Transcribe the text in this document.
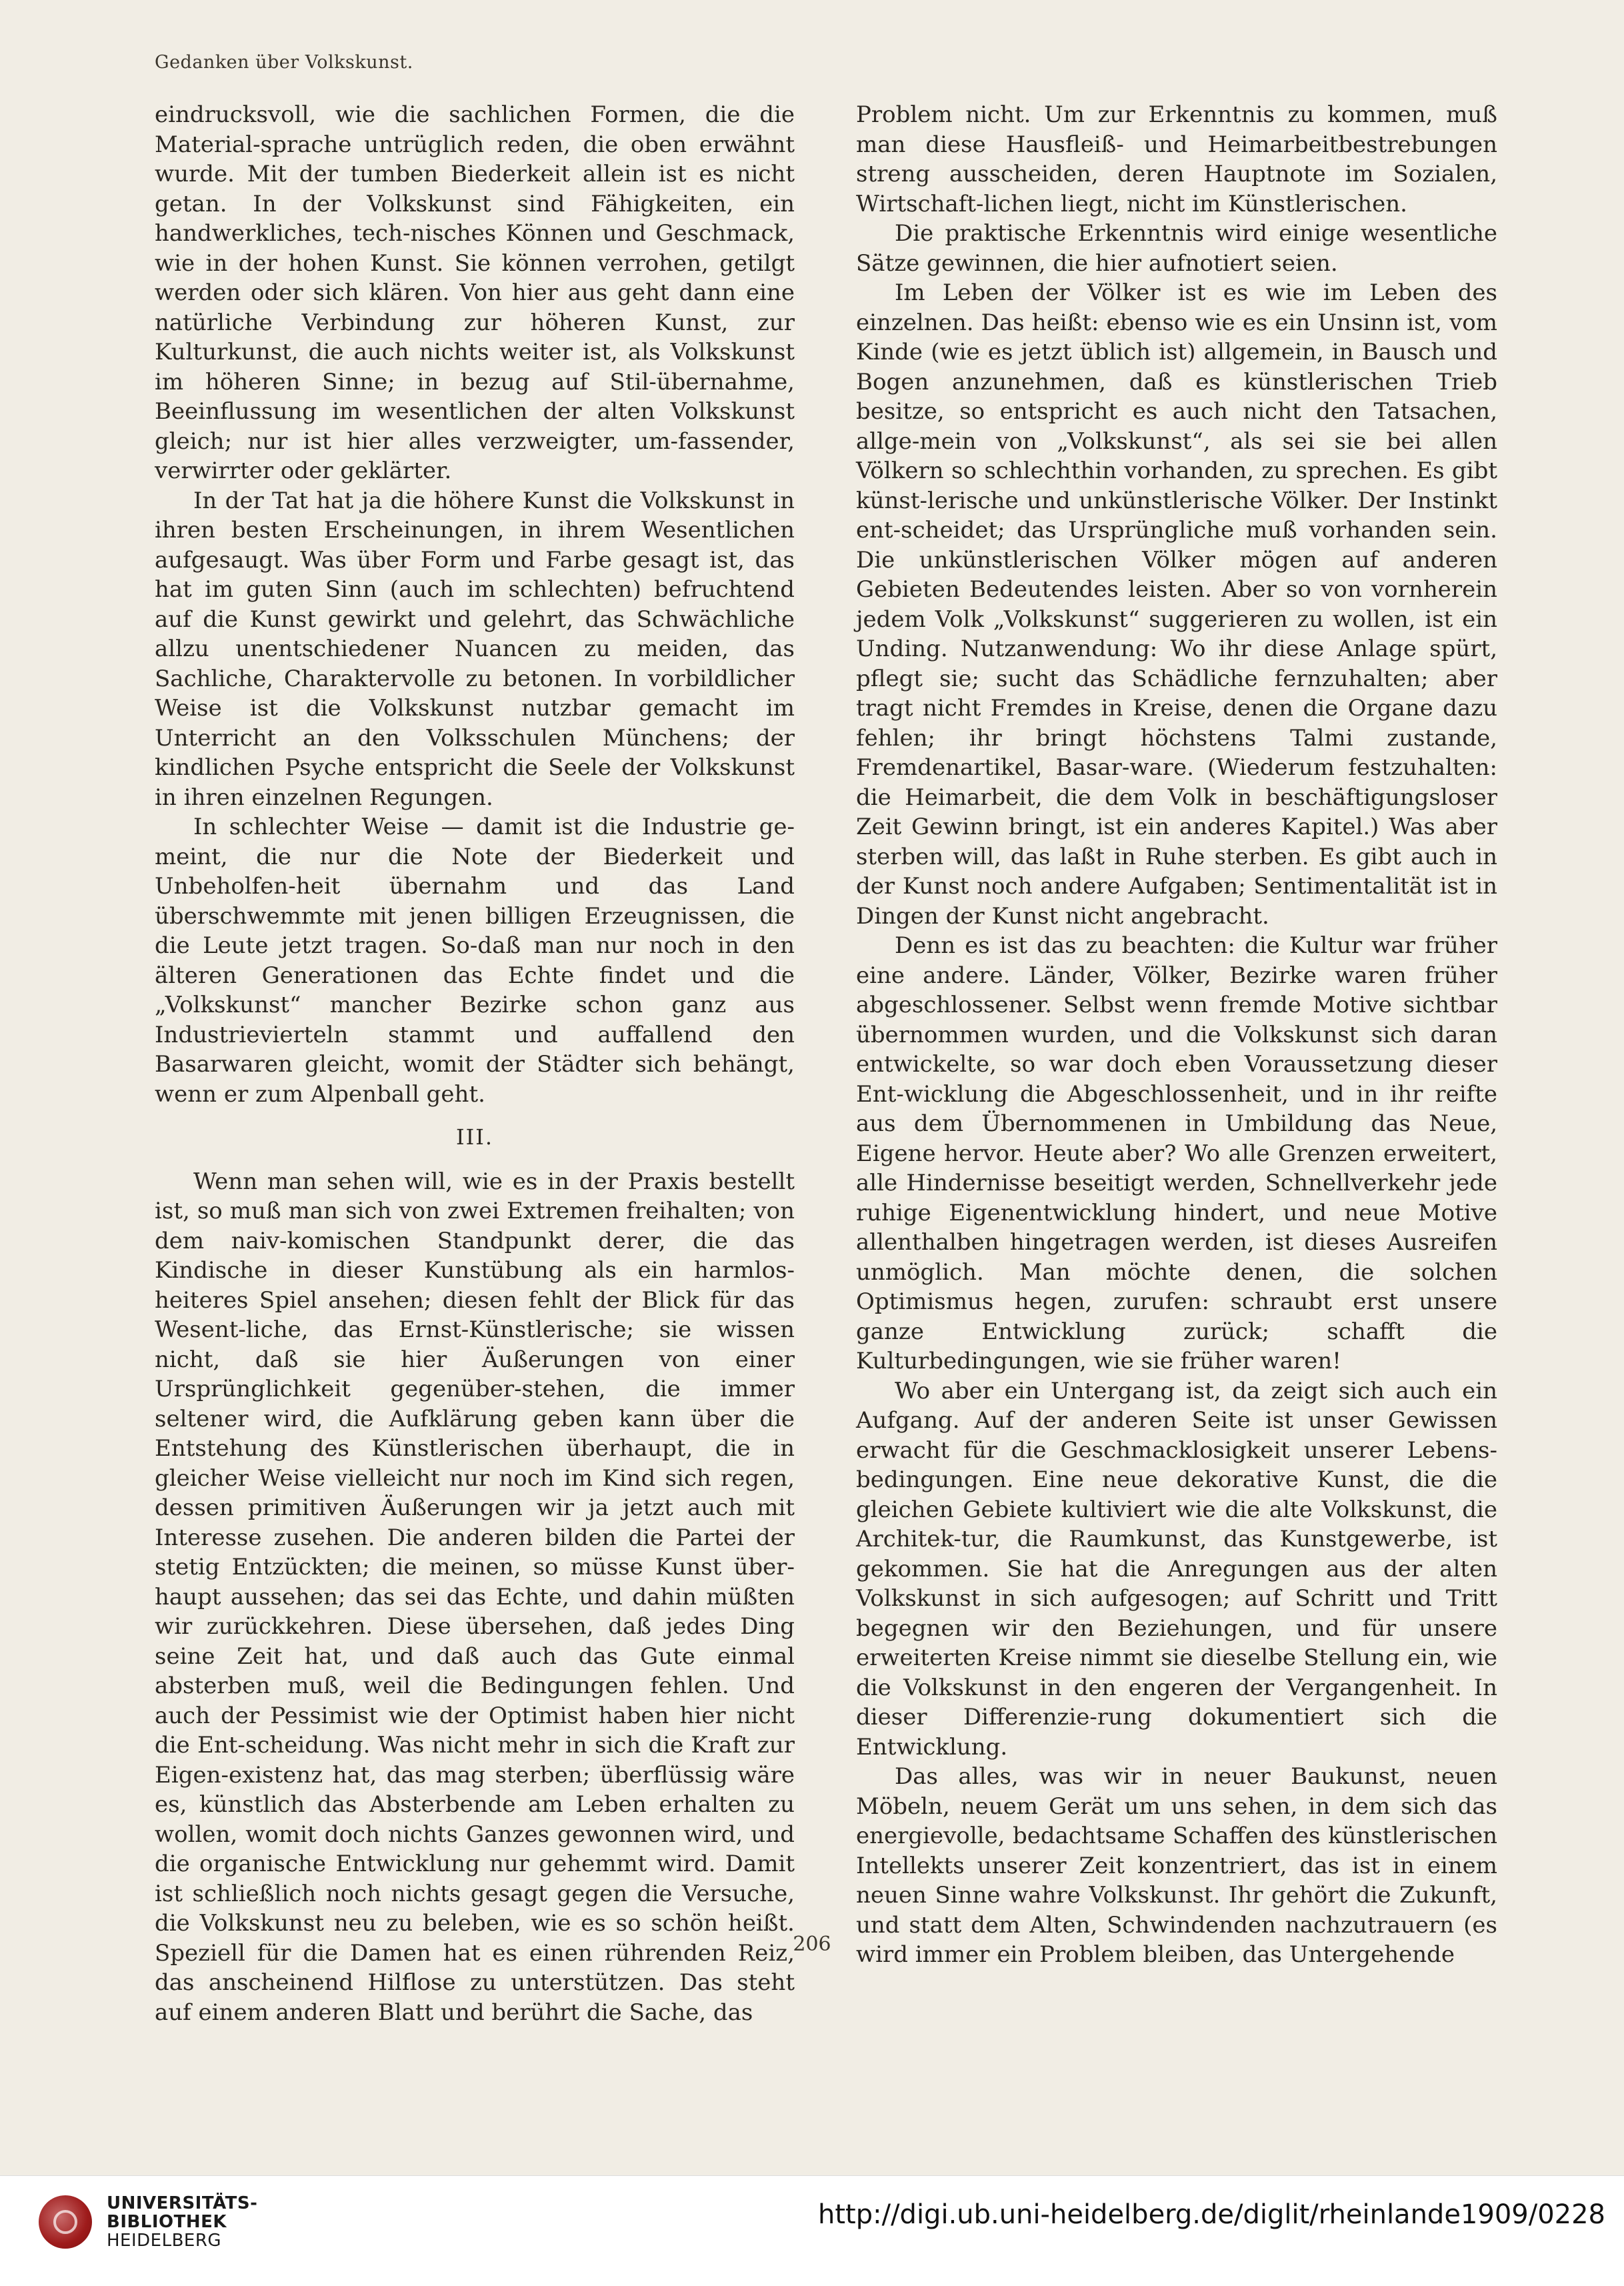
Gedanken über Volkskunst.

eindrucksvoll, wie die sachlichen Formen, die die Material-sprache untrüglich reden, die oben erwähnt wurde. Mit der tumben Biederkeit allein ist es nicht getan. In der Volkskunst sind Fähigkeiten, ein handwerkliches, tech-nisches Können und Geschmack, wie in der hohen Kunst. Sie können verrohen, getilgt werden oder sich klären. Von hier aus geht dann eine natürliche Verbindung zur höheren Kunst, zur Kulturkunst, die auch nichts weiter ist, als Volkskunst im höheren Sinne; in bezug auf Stil-übernahme, Beeinflussung im wesentlichen der alten Volkskunst gleich; nur ist hier alles verzweigter, um-fassender, verwirrter oder geklärter.

In der Tat hat ja die höhere Kunst die Volkskunst in ihren besten Erscheinungen, in ihrem Wesentlichen aufgesaugt. Was über Form und Farbe gesagt ist, das hat im guten Sinn (auch im schlechten) befruchtend auf die Kunst gewirkt und gelehrt, das Schwächliche allzu unentschiedener Nuancen zu meiden, das Sachliche, Charaktervolle zu betonen. In vorbildlicher Weise ist die Volkskunst nutzbar gemacht im Unterricht an den Volksschulen Münchens; der kindlichen Psyche entspricht die Seele der Volkskunst in ihren einzelnen Regungen.

In schlechter Weise — damit ist die Industrie ge-meint, die nur die Note der Biederkeit und Unbeholfen-heit übernahm und das Land überschwemmte mit jenen billigen Erzeugnissen, die die Leute jetzt tragen. So-daß man nur noch in den älteren Generationen das Echte findet und die „Volkskunst“ mancher Bezirke schon ganz aus Industrievierteln stammt und auffallend den Basarwaren gleicht, womit der Städter sich behängt, wenn er zum Alpenball geht.

III.

Wenn man sehen will, wie es in der Praxis bestellt ist, so muß man sich von zwei Extremen freihalten; von dem naiv-komischen Standpunkt derer, die das Kindische in dieser Kunstübung als ein harmlos-heiteres Spiel ansehen; diesen fehlt der Blick für das Wesent-liche, das Ernst-Künstlerische; sie wissen nicht, daß sie hier Äußerungen von einer Ursprünglichkeit gegenüber-stehen, die immer seltener wird, die Aufklärung geben kann über die Entstehung des Künstlerischen überhaupt, die in gleicher Weise vielleicht nur noch im Kind sich regen, dessen primitiven Äußerungen wir ja jetzt auch mit Interesse zusehen. Die anderen bilden die Partei der stetig Entzückten; die meinen, so müsse Kunst über-haupt aussehen; das sei das Echte, und dahin müßten wir zurückkehren. Diese übersehen, daß jedes Ding seine Zeit hat, und daß auch das Gute einmal absterben muß, weil die Bedingungen fehlen. Und auch der Pessimist wie der Optimist haben hier nicht die Ent-scheidung. Was nicht mehr in sich die Kraft zur Eigen-existenz hat, das mag sterben; überflüssig wäre es, künstlich das Absterbende am Leben erhalten zu wollen, womit doch nichts Ganzes gewonnen wird, und die organische Entwicklung nur gehemmt wird. Damit ist schließlich noch nichts gesagt gegen die Versuche, die Volkskunst neu zu beleben, wie es so schön heißt. Speziell für die Damen hat es einen rührenden Reiz, das anscheinend Hilflose zu unterstützen. Das steht auf einem anderen Blatt und berührt die Sache, das

Problem nicht. Um zur Erkenntnis zu kommen, muß man diese Hausfleiß- und Heimarbeitbestrebungen streng ausscheiden, deren Hauptnote im Sozialen, Wirtschaft-lichen liegt, nicht im Künstlerischen.

Die praktische Erkenntnis wird einige wesentliche Sätze gewinnen, die hier aufnotiert seien.

Im Leben der Völker ist es wie im Leben des einzelnen. Das heißt: ebenso wie es ein Unsinn ist, vom Kinde (wie es jetzt üblich ist) allgemein, in Bausch und Bogen anzunehmen, daß es künstlerischen Trieb besitze, so entspricht es auch nicht den Tatsachen, allge-mein von „Volkskunst“, als sei sie bei allen Völkern so schlechthin vorhanden, zu sprechen. Es gibt künst-lerische und unkünstlerische Völker. Der Instinkt ent-scheidet; das Ursprüngliche muß vorhanden sein. Die unkünstlerischen Völker mögen auf anderen Gebieten Bedeutendes leisten. Aber so von vornherein jedem Volk „Volkskunst“ suggerieren zu wollen, ist ein Unding. Nutzanwendung: Wo ihr diese Anlage spürt, pflegt sie; sucht das Schädliche fernzuhalten; aber tragt nicht Fremdes in Kreise, denen die Organe dazu fehlen; ihr bringt höchstens Talmi zustande, Fremdenartikel, Basar-ware. (Wiederum festzuhalten: die Heimarbeit, die dem Volk in beschäftigungsloser Zeit Gewinn bringt, ist ein anderes Kapitel.) Was aber sterben will, das laßt in Ruhe sterben. Es gibt auch in der Kunst noch andere Aufgaben; Sentimentalität ist in Dingen der Kunst nicht angebracht.

Denn es ist das zu beachten: die Kultur war früher eine andere. Länder, Völker, Bezirke waren früher abgeschlossener. Selbst wenn fremde Motive sichtbar übernommen wurden, und die Volkskunst sich daran entwickelte, so war doch eben Voraussetzung dieser Ent-wicklung die Abgeschlossenheit, und in ihr reifte aus dem Übernommenen in Umbildung das Neue, Eigene hervor. Heute aber? Wo alle Grenzen erweitert, alle Hindernisse beseitigt werden, Schnellverkehr jede ruhige Eigenentwicklung hindert, und neue Motive allenthalben hingetragen werden, ist dieses Ausreifen unmöglich. Man möchte denen, die solchen Optimismus hegen, zurufen: schraubt erst unsere ganze Entwicklung zurück; schafft die Kulturbedingungen, wie sie früher waren!

Wo aber ein Untergang ist, da zeigt sich auch ein Aufgang. Auf der anderen Seite ist unser Gewissen erwacht für die Geschmacklosigkeit unserer Lebens-bedingungen. Eine neue dekorative Kunst, die die gleichen Gebiete kultiviert wie die alte Volkskunst, die Architek-tur, die Raumkunst, das Kunstgewerbe, ist gekommen. Sie hat die Anregungen aus der alten Volkskunst in sich aufgesogen; auf Schritt und Tritt begegnen wir den Beziehungen, und für unsere erweiterten Kreise nimmt sie dieselbe Stellung ein, wie die Volkskunst in den engeren der Vergangenheit. In dieser Differenzie-rung dokumentiert sich die Entwicklung.

Das alles, was wir in neuer Baukunst, neuen Möbeln, neuem Gerät um uns sehen, in dem sich das energievolle, bedachtsame Schaffen des künstlerischen Intellekts unserer Zeit konzentriert, das ist in einem neuen Sinne wahre Volkskunst. Ihr gehört die Zukunft, und statt dem Alten, Schwindenden nachzutrauern (es wird immer ein Problem bleiben, das Untergehende

206
UNIVERSITÄTS-
BIBLIOTHEK
HEIDELBERG
http://digi.ub.uni-heidelberg.de/diglit/rheinlande1909/0228
